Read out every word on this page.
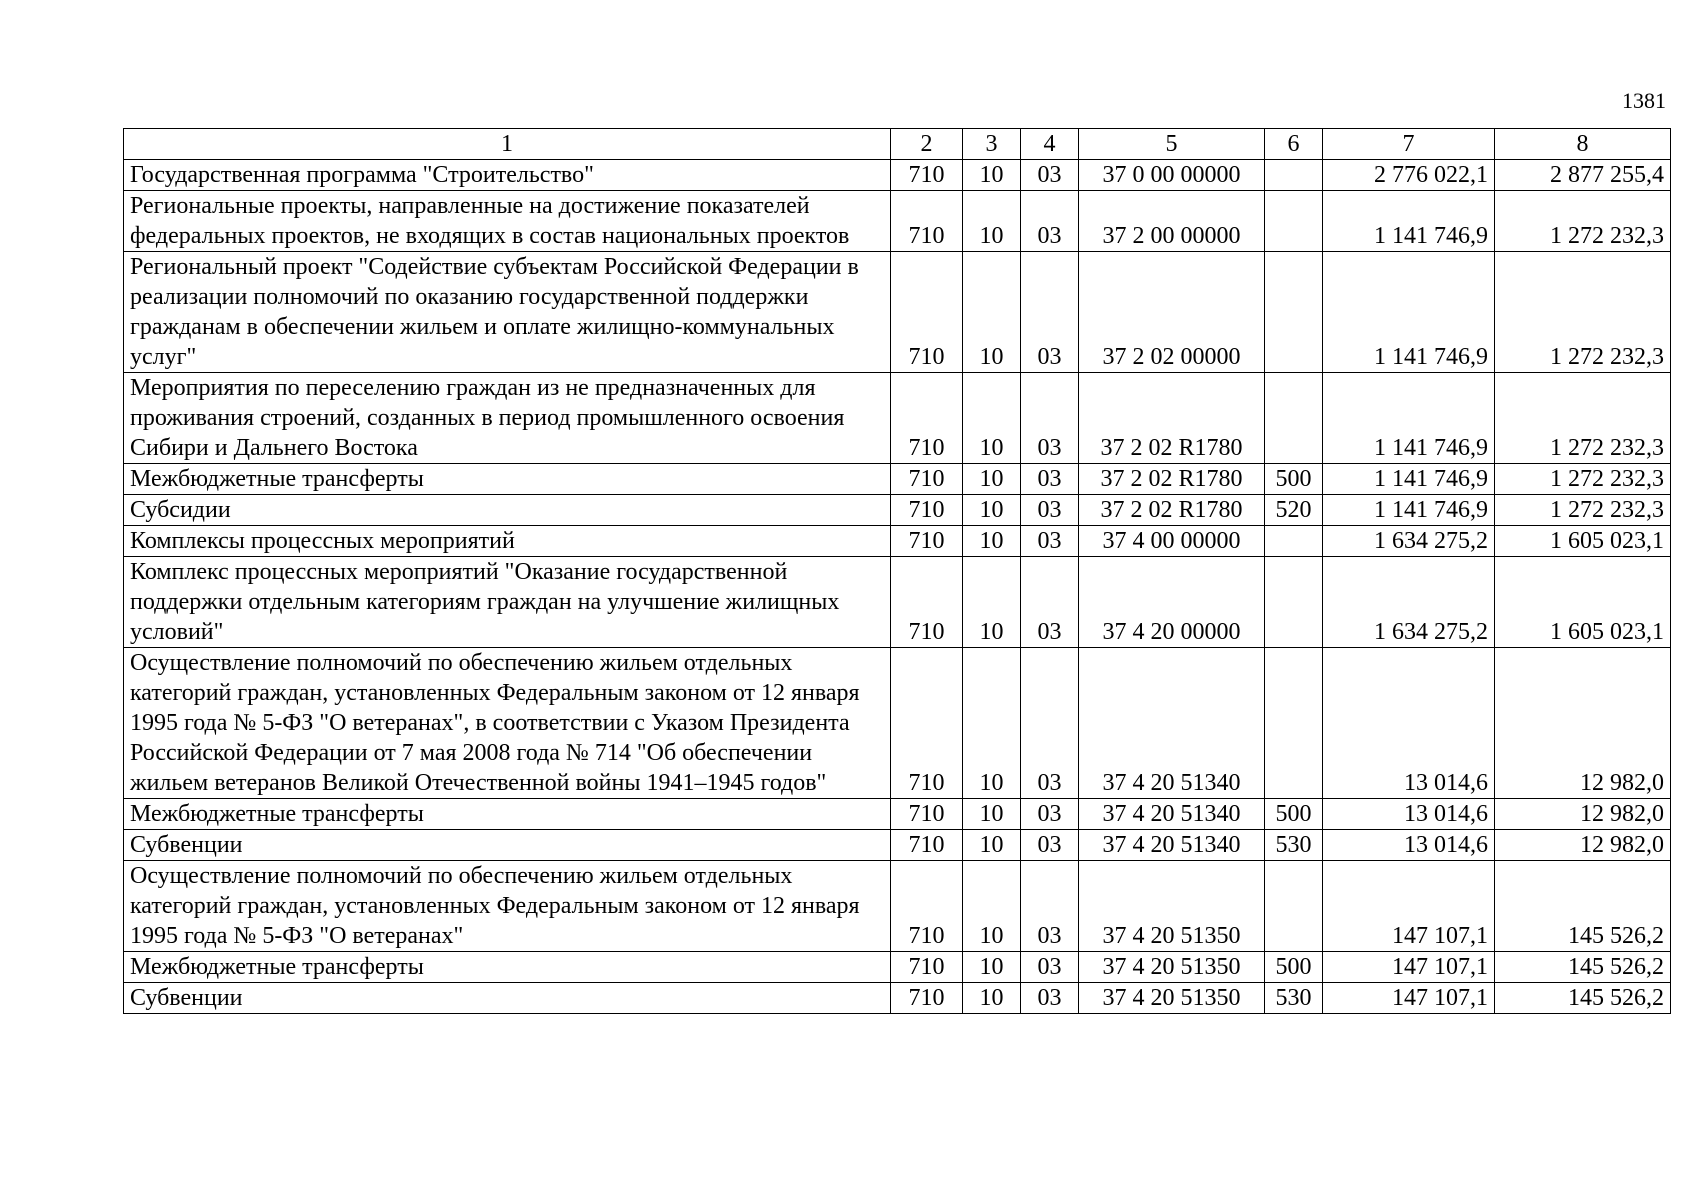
1381
1	2	3	4	5	6	7	8
Государственная программа "Строительство"	710	10	03	37 0 00 00000		2 776 022,1	2 877 255,4
Региональные проекты, направленные на достижение показателей федеральных проектов, не входящих в состав национальных проектов	710	10	03	37 2 00 00000		1 141 746,9	1 272 232,3
Региональный проект "Содействие субъектам Российской Федерации в реализации полномочий по оказанию государственной поддержки гражданам в обеспечении жильем и оплате жилищно-коммунальных услуг"	710	10	03	37 2 02 00000		1 141 746,9	1 272 232,3
Мероприятия по переселению граждан из не предназначенных для проживания строений, созданных в период промышленного освоения Сибири и Дальнего Востока	710	10	03	37 2 02 R1780		1 141 746,9	1 272 232,3
Межбюджетные трансферты	710	10	03	37 2 02 R1780	500	1 141 746,9	1 272 232,3
Субсидии	710	10	03	37 2 02 R1780	520	1 141 746,9	1 272 232,3
Комплексы процессных мероприятий	710	10	03	37 4 00 00000		1 634 275,2	1 605 023,1
Комплекс процессных мероприятий "Оказание государственной поддержки отдельным категориям граждан на улучшение жилищных условий"	710	10	03	37 4 20 00000		1 634 275,2	1 605 023,1
Осуществление полномочий по обеспечению жильем отдельных категорий граждан, установленных Федеральным законом от 12 января 1995 года № 5-ФЗ "О ветеранах", в соответствии с Указом Президента Российской Федерации от 7 мая 2008 года № 714 "Об обеспечении жильем ветеранов Великой Отечественной войны 1941–1945 годов"	710	10	03	37 4 20 51340		13 014,6	12 982,0
Межбюджетные трансферты	710	10	03	37 4 20 51340	500	13 014,6	12 982,0
Субвенции	710	10	03	37 4 20 51340	530	13 014,6	12 982,0
Осуществление полномочий по обеспечению жильем отдельных категорий граждан, установленных Федеральным законом от 12 января 1995 года № 5-ФЗ "О ветеранах"	710	10	03	37 4 20 51350		147 107,1	145 526,2
Межбюджетные трансферты	710	10	03	37 4 20 51350	500	147 107,1	145 526,2
Субвенции	710	10	03	37 4 20 51350	530	147 107,1	145 526,2
